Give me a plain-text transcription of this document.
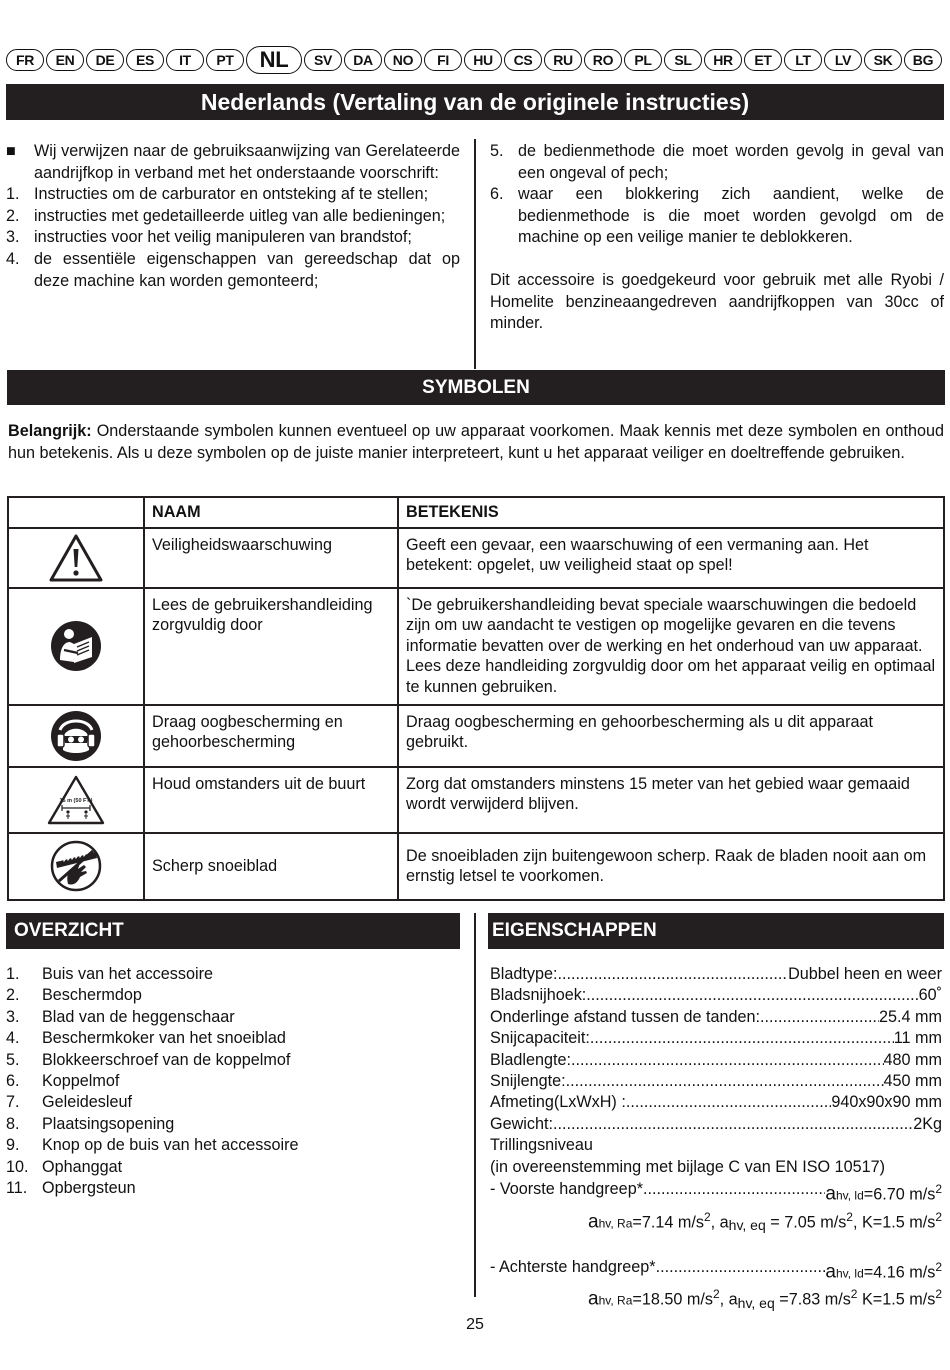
FR	EN	DE	ES	IT	PT	NL	SV	DA	NO	FI	HU	CS	RU	RO	PL	SL	HR	ET	LT	LV	SK	BG
Nederlands (Vertaling van de originele instructies)
■	Wij verwijzen naar de gebruiksaanwijzing van Gerelateerde aandrijfkop in verband met het onderstaande voorschrift:
1. Instructies om de carburator en ontsteking af te stellen;
2. instructies met gedetailleerde uitleg van alle bedieningen;
3. instructies voor het veilig manipuleren van brandstof;
4. de essentiële eigenschappen van gereedschap dat op deze machine kan worden gemonteerd;
5. de bedienmethode die moet worden gevolg in geval van een ongeval of pech;
6. waar een blokkering zich aandient, welke de bedienmethode is die moet worden gevolgd om de machine op een veilige manier te deblokkeren.

Dit accessoire is goedgekeurd voor gebruik met alle Ryobi / Homelite benzineaangedreven aandrijfkoppen van 30cc of minder.

SYMBOLEN
Belangrijk: Onderstaande symbolen kunnen eventueel op uw apparaat voorkomen. Maak kennis met deze symbolen en onthoud hun betekenis. Als u deze symbolen op de juiste manier interpreteert, kunt u het apparaat veiliger en doeltreffende gebruiken.
	NAAM	BETEKENIS

	Veiligheidswaarschuwing	Geeft een gevaar, een waarschuwing of een vermaning aan. Het betekent: opgelet, uw veiligheid staat op spel!

	Lees de gebruikershandleiding zorgvuldig door	`De gebruikershandleiding bevat speciale waarschuwingen die bedoeld zijn om uw aandacht te vestigen op mogelijke gevaren en die tevens informatie bevatten over de werking en het onderhoud van uw apparaat. Lees deze handleiding zorgvuldig door om het apparaat veilig en optimaal te kunnen gebruiken.

	Draag oogbescherming en gehoorbescherming	Draag oogbescherming en gehoorbescherming als u dit apparaat gebruikt.

15 m (50 FT.)	Houd omstanders uit de buurt	Zorg dat omstanders minstens 15 meter van het gebied waar gemaaid wordt verwijderd blijven.

	Scherp snoeiblad	De snoeibladen zijn buitengewoon scherp. Raak de bladen nooit aan om ernstig letsel te voorkomen.
OVERZICHT	EIGENSCHAPPEN
1.	Buis van het accessoire
2.	Beschermdop
3.	Blad van de heggenschaar
4.	Beschermkoker van het snoeiblad
5.	Blokkeerschroef van de koppelmof
6.	Koppelmof
7.	Geleidesleuf
8.	Plaatsingsopening
9.	Knop op de buis van het accessoire
10. Ophanggat
11. Opbergsteun
Bladtype: .....	Dubbel heen en weer
Bladsnijhoek: .....	60˚
Onderlinge afstand tussen de tanden: .....	25.4 mm
Snijcapaciteit: .....	11 mm
Bladlengte: .....	480 mm
Snijlengte: .....	450 mm
Afmeting(LxWxH) : .....	940x90x90 mm
Gewicht: .....	2Kg
Trillingsniveau
(in overeenstemming met bijlage C van EN ISO 10517)
- Voorste handgreep* .....	ahv, ld=6.70 $m/s^2$
ahv, Ra=7.14 $m/s^2$, ahv, eq = 7.05 $m/s^2$, K=1.5 $m/s^2$
- Achterste handgreep* .....	ahv, ld=4.16 $m/s^2$
ahv, Ra=18.50 $m/s^2$, ahv, eq =7.83 $m/s^2$ K=1.5 $m/s^2$
25
